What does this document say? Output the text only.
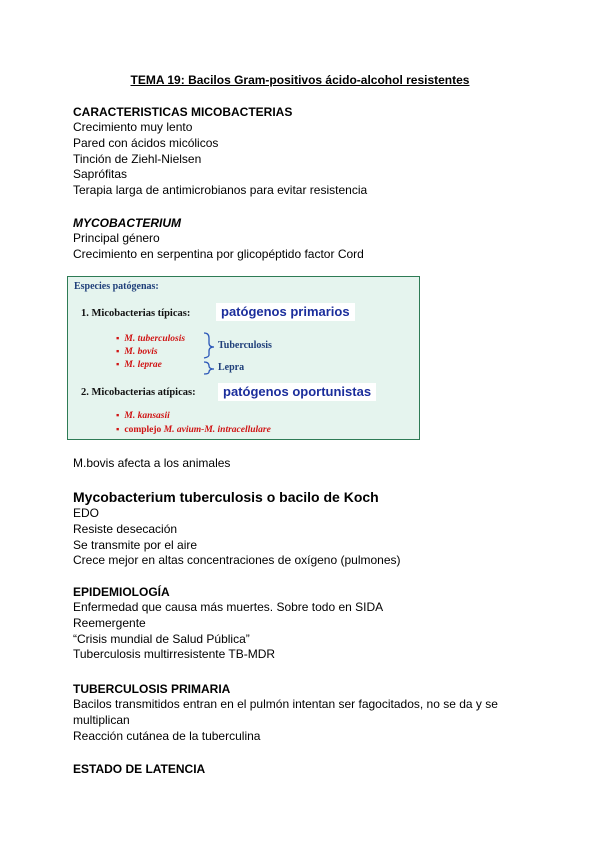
TEMA 19: Bacilos Gram-positivos ácido-alcohol resistentes

CARACTERISTICAS MICOBACTERIAS

Crecimiento muy lento

Pared con ácidos micólicos

Tinción de Ziehl-Nielsen

Saprófitas

Terapia larga de antimicrobianos para evitar resistencia

MYCOBACTERIUM

Principal género

Crecimiento en serpentina por glicopéptido factor Cord

Especies patógenas:

1. Micobacterias típicas:	patógenos primarios

▪ M. tuberculosis

▪ M. bovis

▪ M. leprae

Tuberculosis

Lepra

2. Micobacterias atípicas:	patógenos oportunistas

▪ M. kansasii

▪ complejo M. avium-M. intracellulare

M.bovis afecta a los animales

Mycobacterium tuberculosis o bacilo de Koch

EDO

Resiste desecación

Se transmite por el aire

Crece mejor en altas concentraciones de oxígeno (pulmones)

EPIDEMIOLOGÍA

Enfermedad que causa más muertes. Sobre todo en SIDA

Reemergente

“Crisis mundial de Salud Pública”

Tuberculosis multirresistente TB-MDR

TUBERCULOSIS PRIMARIA

Bacilos transmitidos entran en el pulmón intentan ser fagocitados, no se da y se multiplican

Reacción cutánea de la tuberculina

ESTADO DE LATENCIA
